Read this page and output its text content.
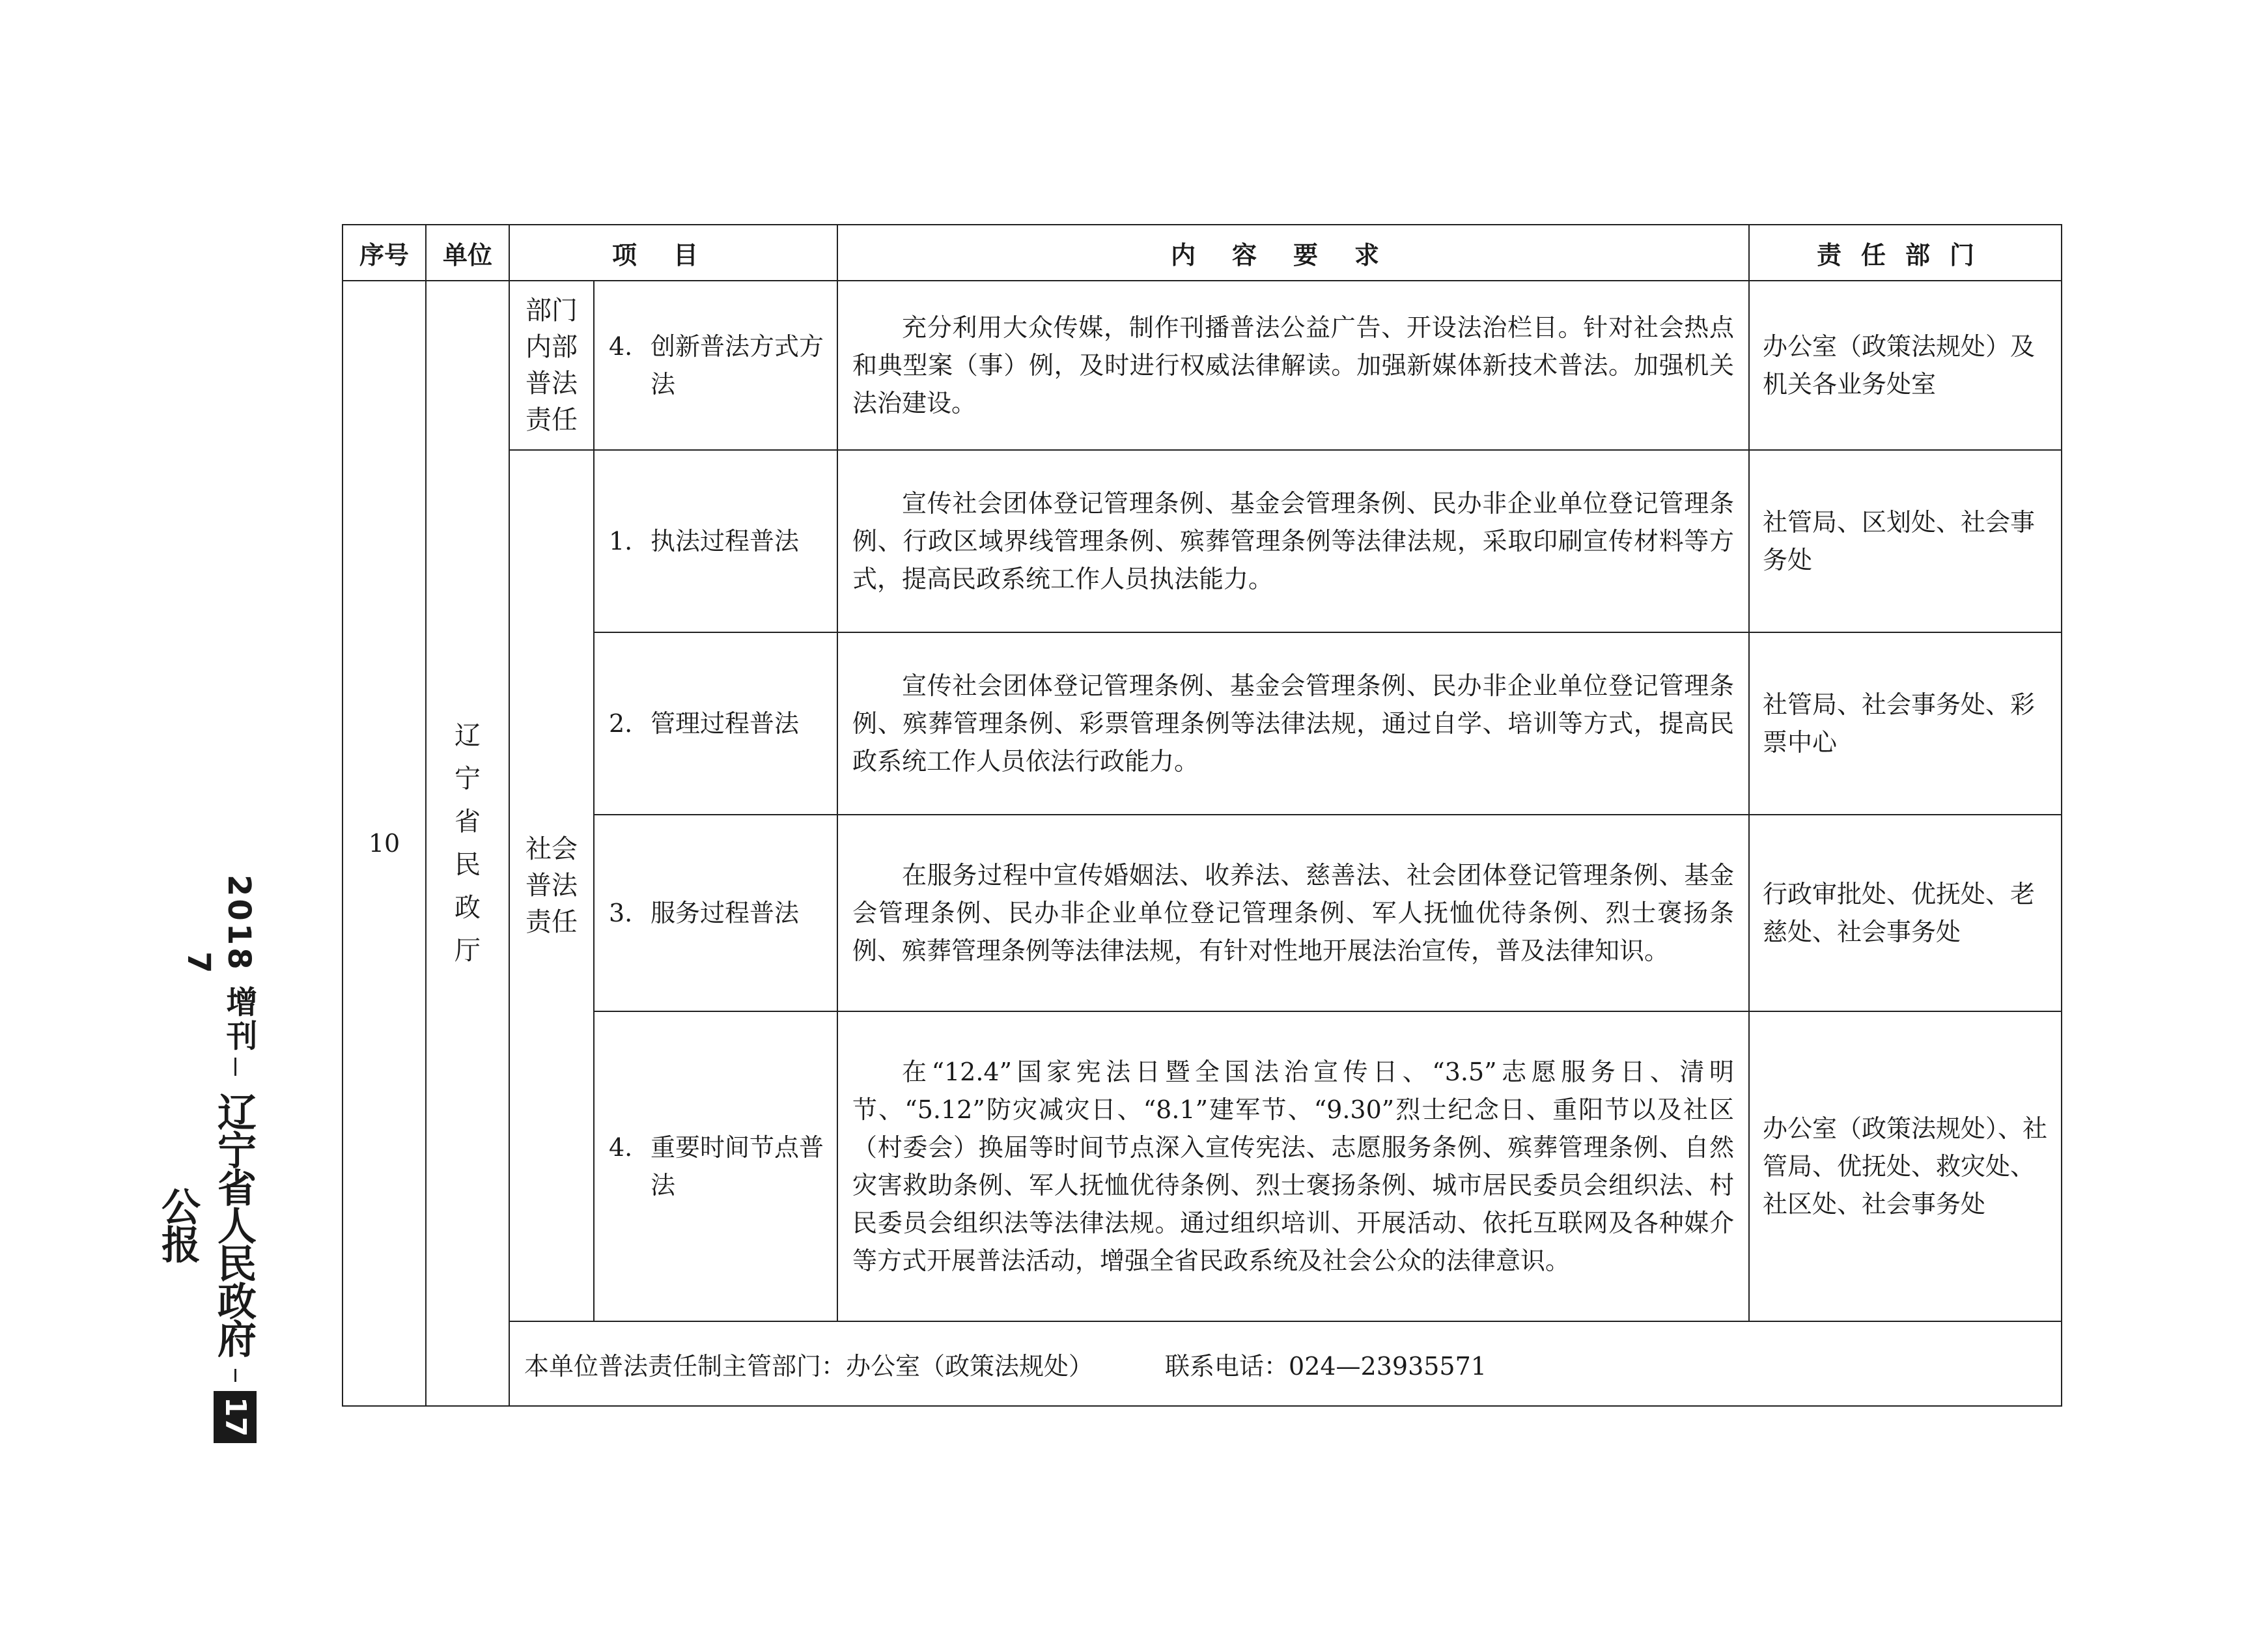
序号	单位	项目		内容要求	责任部门
10	辽宁省民政厅	部门内部普法责任	4. 创新普法方式方法	充分利用大众传媒，制作刊播普法公益广告、开设法治栏目。针对社会热点和典型案（事）例，及时进行权威法律解读。加强新媒体新技术普法。加强机关法治建设。	办公室（政策法规处）及机关各业务处室
		社会普法责任	1. 执法过程普法	宣传社会团体登记管理条例、基金会管理条例、民办非企业单位登记管理条例、行政区域界线管理条例、殡葬管理条例等法律法规，采取印刷宣传材料等方式，提高民政系统工作人员执法能力。	社管局、区划处、社会事务处
			2. 管理过程普法	宣传社会团体登记管理条例、基金会管理条例、民办非企业单位登记管理条例、殡葬管理条例、彩票管理条例等法律法规，通过自学、培训等方式，提高民政系统工作人员依法行政能力。	社管局、社会事务处、彩票中心
			3. 服务过程普法	在服务过程中宣传婚姻法、收养法、慈善法、社会团体登记管理条例、基金会管理条例、民办非企业单位登记管理条例、军人抚恤优待条例、烈士褒扬条例、殡葬管理条例等法律法规，有针对性地开展法治宣传，普及法律知识。	行政审批处、优抚处、老慈处、社会事务处
			4. 重要时间节点普法	在“12.4”国家宪法日暨全国法治宣传日、“3.5”志愿服务日、清明节、“5.12”防灾减灾日、“8.1”建军节、“9.30”烈士纪念日、重阳节以及社区（村委会）换届等时间节点深入宣传宪法、志愿服务条例、殡葬管理条例、自然灾害救助条例、军人抚恤优待条例、烈士褒扬条例、城市居民委员会组织法、村民委员会组织法等法律法规。通过组织培训、开展活动、依托互联网及各种媒介等方式开展普法活动，增强全省民政系统及社会公众的法律意识。	办公室（政策法规处）、社管局、优抚处、救灾处、社区处、社会事务处
		本单位普法责任制主管部门：办公室（政策法规处） 联系电话：024—23935571			
2018 增刊 7
辽宁省人民政府公报
17
